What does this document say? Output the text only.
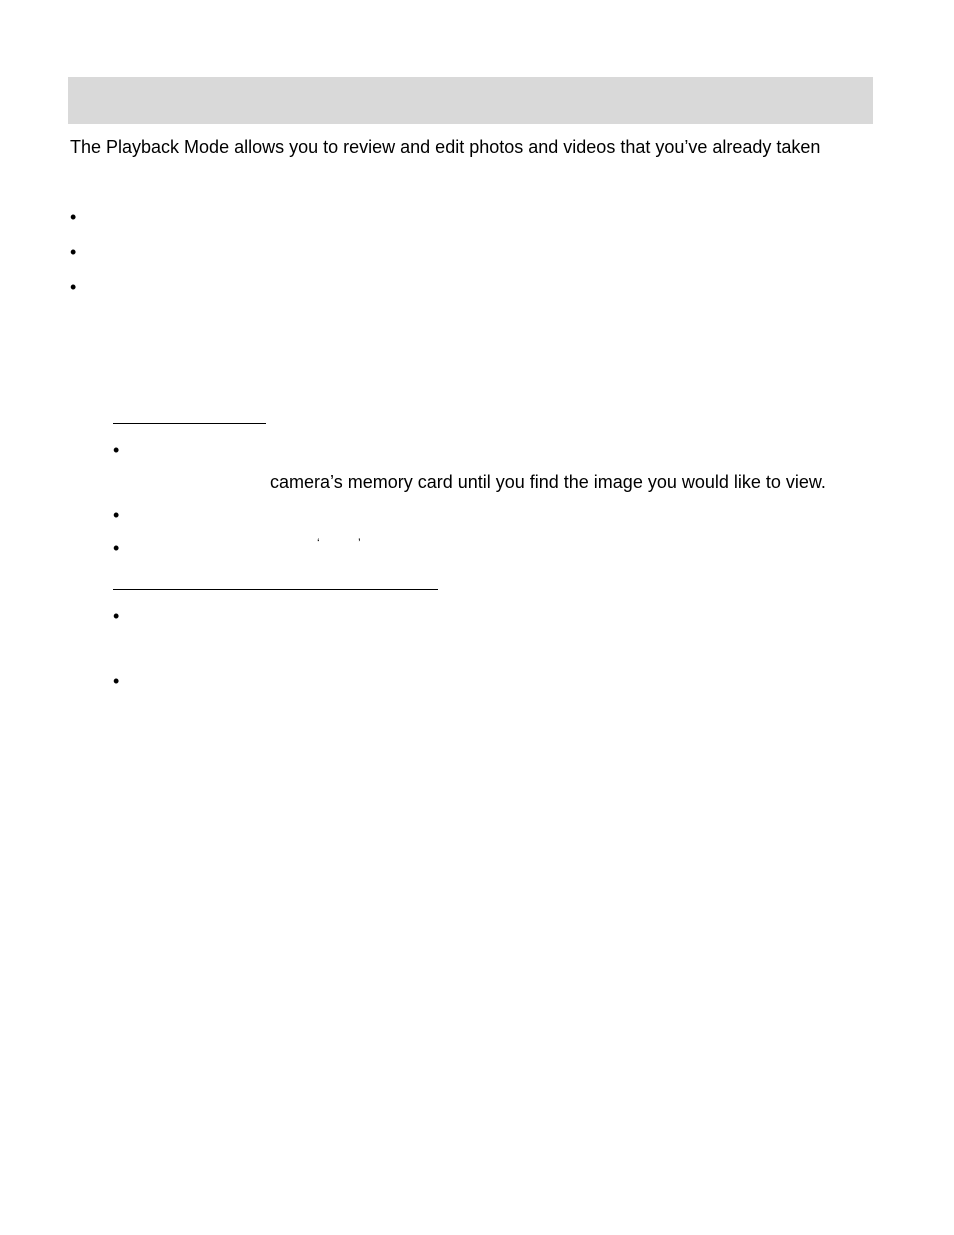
The Playback Mode allows you to review and edit photos and videos that you’ve already taken
•
•
•
•
camera’s memory card until you find the image you would like to view.
•
•	‘	’
•
•
